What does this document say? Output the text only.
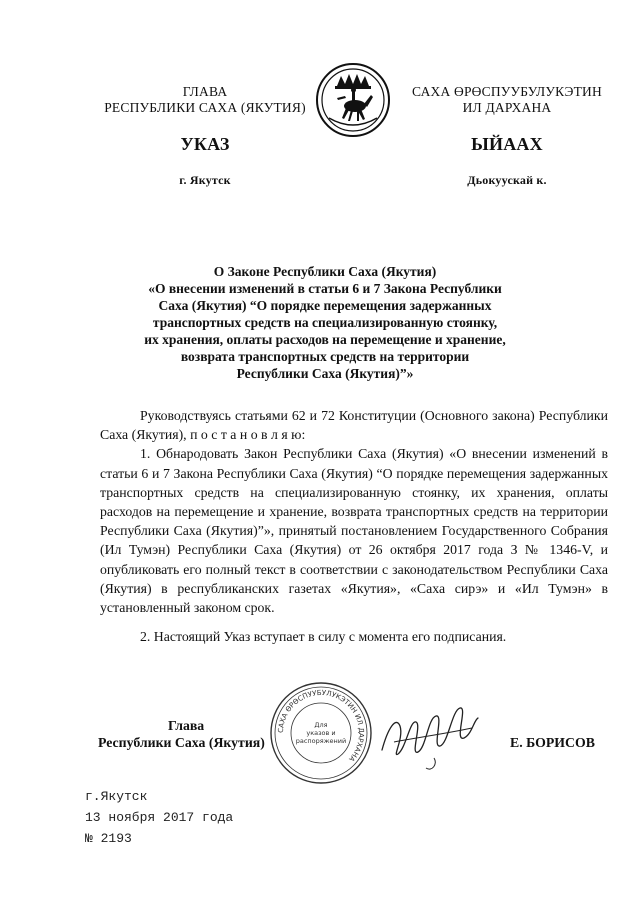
ГЛАВА
РЕСПУБЛИКИ САХА (ЯКУТИЯ)
УКАЗ
г. Якутск
САХА ӨРӨСПУУБУЛУКЭТИН
ИЛ ДАРХАНА
ЫЙААХ
Дьокуускай к.
О Законе Республики Саха (Якутия)
«О внесении изменений в статьи 6 и 7 Закона Республики
Саха (Якутия) “О порядке перемещения задержанных
транспортных средств на специализированную стоянку,
их хранения, оплаты расходов на перемещение и хранение,
возврата транспортных средств на территории
Республики Саха (Якутия)”»

Руководствуясь статьями 62 и 72 Конституции (Основного закона) Республики Саха (Якутия), п о с т а н о в л я ю:

1. Обнародовать Закон Республики Саха (Якутия) «О внесении изменений в статьи 6 и 7 Закона Республики Саха (Якутия) “О порядке перемещения задержанных транспортных средств на специализированную стоянку, их хранения, оплаты расходов на перемещение и хранение, возврата транспортных средств на территории Республики Саха (Якутия)”», принятый постановлением Государственного Собрания (Ил Тумэн) Республики Саха (Якутия) от 26 октября 2017 года З № 1346-V, и опубликовать его полный текст в соответствии с законодательством Республики Саха (Якутия) в республиканских газетах «Якутия», «Саха сирэ» и «Ил Тумэн» в установленный законом срок.

2. Настоящий Указ вступает в силу с момента его подписания.

Глава
Республики Саха (Якутия)
САХА ӨРӨСПУУБУЛУКЭТИН ИЛ ДАРХАНА
Для
указов и
распоряжений	Е. БОРИСОВ
г.Якутск
13 ноября 2017 года
№ 2193
